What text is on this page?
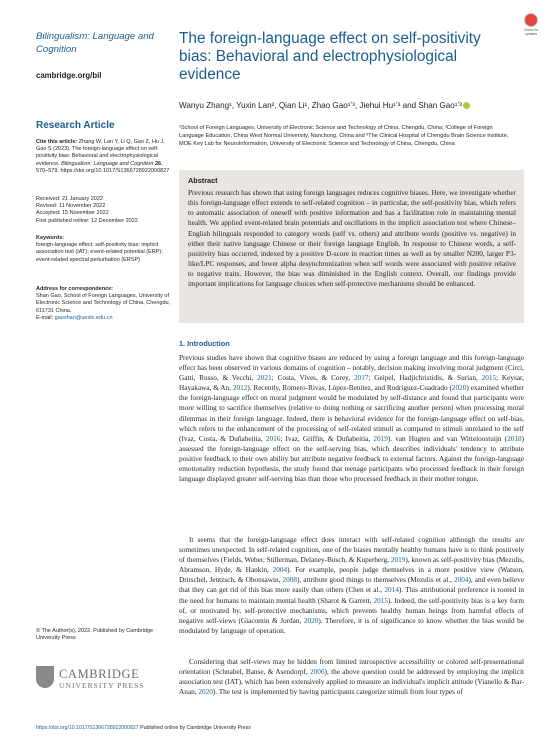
Bilingualism: Language and Cognition
cambridge.org/bil
Check for updates
Research Article
Cite this article: Zhang W, Lan Y, Li Q, Gao Z, Hu J, Gao S (2023). The foreign-language effect on self-positivity bias: Behavioral and electrophysiological evidence. Bilingualism: Language and Cognition 26, 570–579. https://doi.org/10.1017/S1366728922000827
Received: 21 January 2022
Revised: 11 November 2022
Accepted: 15 November 2022
First published online: 12 December 2022
Keywords:
foreign-language effect; self-positivity bias; implicit association test (IAT); event-related potential (ERP); event-related spectral perturbation (ERSP)
Address for correspondence:
Shan Gao, School of Foreign Languages, University of Electronic Science and Technology of China, Chengdu, 611731 China.
E-mail: gaoshan@uestc.edu.cn
© The Author(s), 2022. Published by Cambridge University Press
CAMBRIDGE
UNIVERSITY PRESS
The foreign-language effect on self-positivity bias: Behavioral and electrophysiological evidence
Wanyu Zhang¹, Yuxin Lan², Qian Li¹, Zhao Gao¹ʼ³, Jiehui Hu¹ʼ³ and Shan Gao¹ʼ³
¹School of Foreign Languages, University of Electronic Science and Technology of China, Chengdu, China; ²College of Foreign Language Education, China West Normal University, Nanchong, China and ³The Clinical Hospital of Chengdu Brain Science Institute, MOE Key Lab for NeuroInformation, University of Electronic Science and Technology of China, Chengdu, China
Abstract
Previous research has shown that using foreign languages reduces cognitive biases. Here, we investigate whether this foreign-language effect extends to self-related cognition – in particular, the self-positivity bias, which refers to automatic association of oneself with positive information and has a facilitation role in maintaining mental health. We applied event-related brain potentials and oscillations in the implicit association test where Chinese–English bilinguals responded to category words (self vs. others) and attribute words (positive vs. negative) in either their native language Chinese or their foreign language English. In response to Chinese words, a self-positivity bias occurred, indexed by a positive D-score in reaction times as well as by smaller N200, larger P3-like/LPC responses, and lower alpha desynchronization when self words were associated with positive relative to negative traits. However, the bias was diminished in the English context. Overall, our findings provide important implications for language choices when self-protective mechanisms should be enhanced.
1. Introduction
Previous studies have shown that cognitive biases are reduced by using a foreign language and this foreign-language effect has been observed in various domains of cognition – notably, decision making involving moral judgment (Circi, Gatti, Russo, & Vecchi, 2021; Costa, Vives, & Corey, 2017; Geipel, Hadjichristidis, & Surian, 2015; Keysar, Hayakawa, & An, 2012). Recently, Romero-Rivas, López-Benítez, and Rodríguez-Cuadrado (2020) examined whether the foreign-language effect on moral judgment would be modulated by self-distance and found that participants were more willing to sacrifice themselves (relative to doing nothing or sacrificing another person) when processing moral dilemmas in their foreign language. Indeed, there is behavioral evidence for the foreign-language effect on self-bias, which refers to the enhancement of the processing of self-related stimuli as compared to stimuli unrelated to the self (Ivaz, Costa, & Duñabeitia, 2016; Ivaz, Griffin, & Duñabeitia, 2019). van Hugten and van Witteloostuijn (2018) assessed the foreign-language effect on the self-serving bias, which describes individuals' tendency to attribute positive feedback to their own ability but attribute negative feedback to external factors. Against the foreign-language emotionality reduction hypothesis, the study found that teenage participants who processed feedback in their foreign language displayed greater self-serving bias than those who processed feedback in their mother tongue.
It seems that the foreign-language effect does interact with self-related cognition although the results are sometimes unexpected. In self-related cognition, one of the biases mentally healthy humans have is to think positively of themselves (Fields, Weber, Stillerman, Delaney-Busch, & Kuperberg, 2019), known as self-positivity bias (Mezulis, Abramson, Hyde, & Hankin, 2004). For example, people judge themselves in a more positive view (Watson, Dritschel, Jentzsch, & Obonsawin, 2008), attribute good things to themselves (Mezulis et al., 2004), and even believe that they can get rid of this bias more easily than others (Chen et al., 2014). This attributional preference is rooted in the need for humans to maintain mental health (Sharot & Garrett, 2015). Indeed, the self-positivity bias is a key form of, or motivated by, self-protective mechanisms, which prevents healthy human beings from harmful effects of negative self-views (Giacomin & Jordan, 2020). Therefore, it is of significance to know whether the bias would be modulated by language of operation.
Considering that self-views may be hidden from limited introspective accessibility or colored self-presentational orientation (Schnabel, Banse, & Asendorpf, 2006), the above question could be addressed by employing the implicit association test (IAT), which has been extensively applied to measure an individual's implicit attitude (Vianello & Bar-Anan, 2020). The test is implemented by having participants categorize stimuli from four types of
https://doi.org/10.1017/S1366728922000827 Published online by Cambridge University Press
